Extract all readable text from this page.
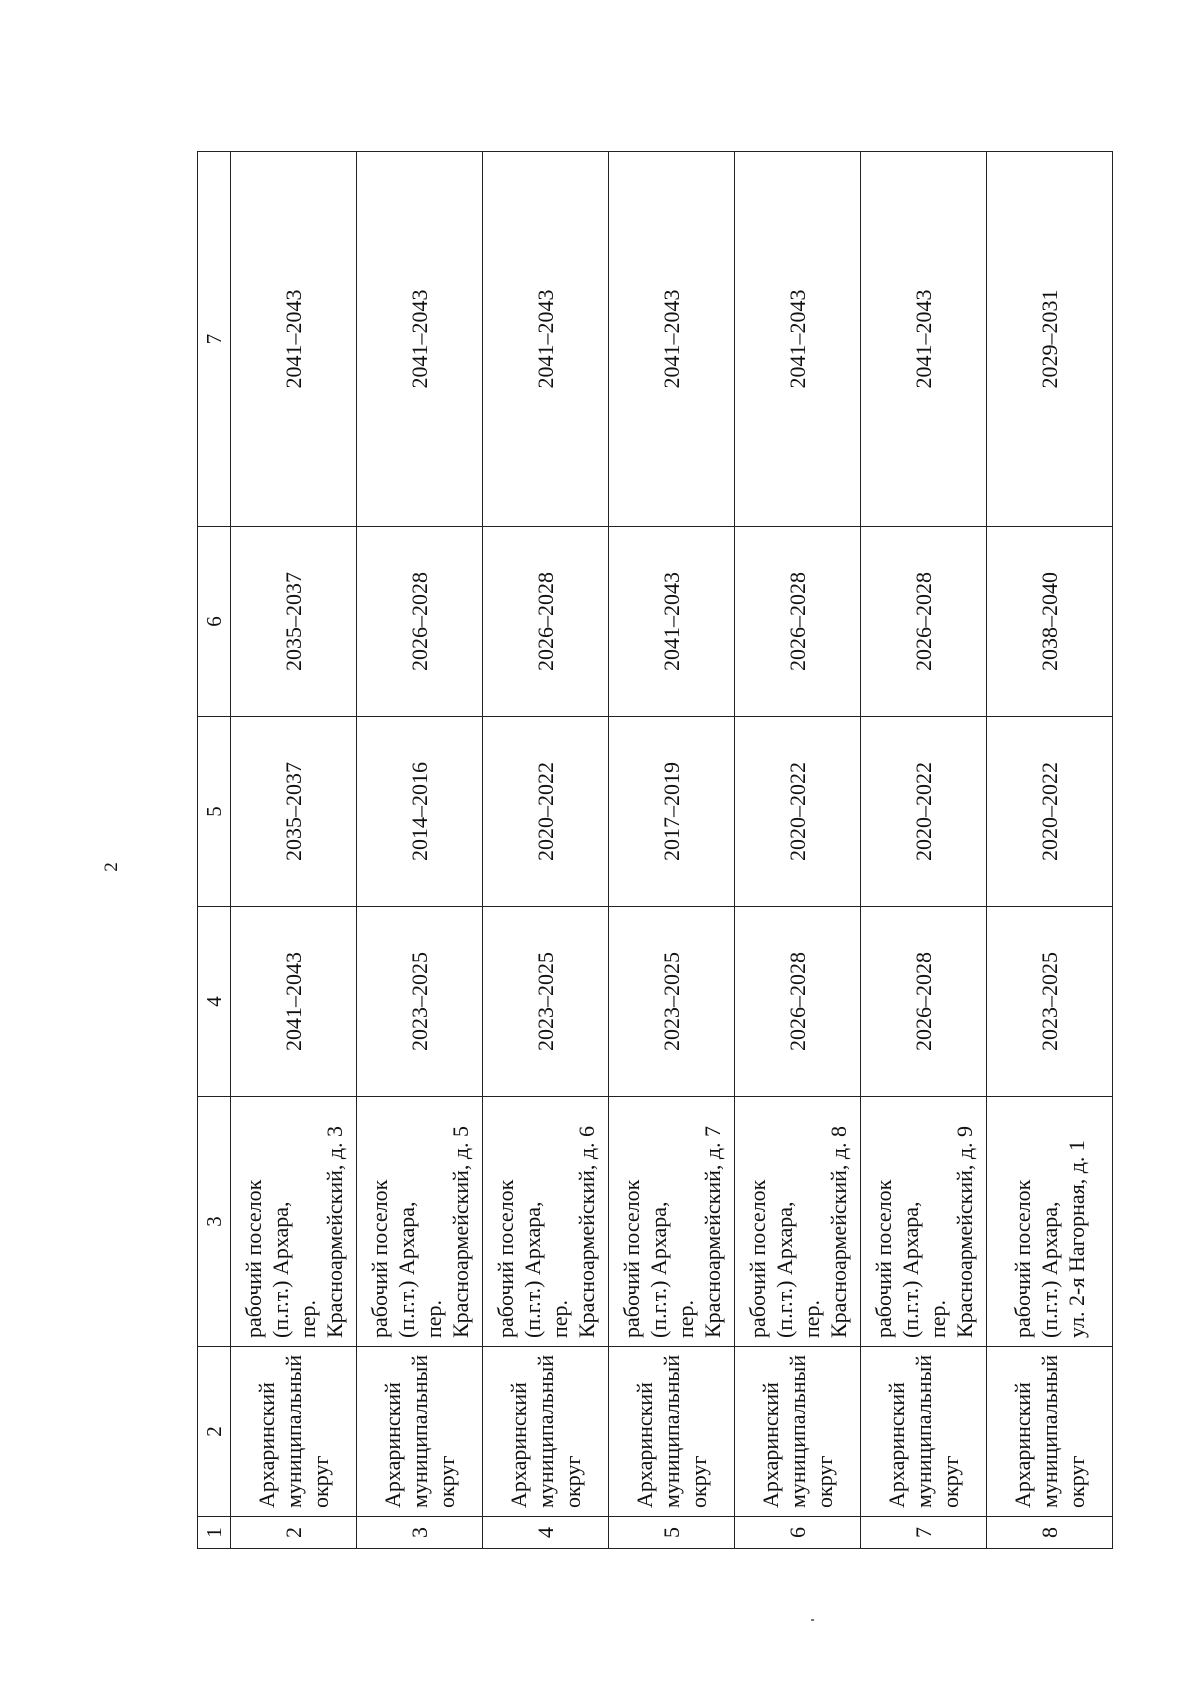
2
1	2	3	4	5	6	7
2	Архаринский муниципальный округ	рабочий поселок (п.г.т.) Архара, пер. Красноармейский, д. 3	2041–2043	2035–2037	2035–2037	2041–2043
3	Архаринский муниципальный округ	рабочий поселок (п.г.т.) Архара, пер. Красноармейский, д. 5	2023–2025	2014–2016	2026–2028	2041–2043
4	Архаринский муниципальный округ	рабочий поселок (п.г.т.) Архара, пер. Красноармейский, д. 6	2023–2025	2020–2022	2026–2028	2041–2043
5	Архаринский муниципальный округ	рабочий поселок (п.г.т.) Архара, пер. Красноармейский, д. 7	2023–2025	2017–2019	2041–2043	2041–2043
6	Архаринский муниципальный округ	рабочий поселок (п.г.т.) Архара, пер. Красноармейский, д. 8	2026–2028	2020–2022	2026–2028	2041–2043
7	Архаринский муниципальный округ	рабочий поселок (п.г.т.) Архара, пер. Красноармейский, д. 9	2026–2028	2020–2022	2026–2028	2041–2043
8	Архаринский муниципальный округ	рабочий поселок (п.г.т.) Архара, ул. 2-я Нагорная, д. 1	2023–2025	2020–2022	2038–2040	2029–2031
